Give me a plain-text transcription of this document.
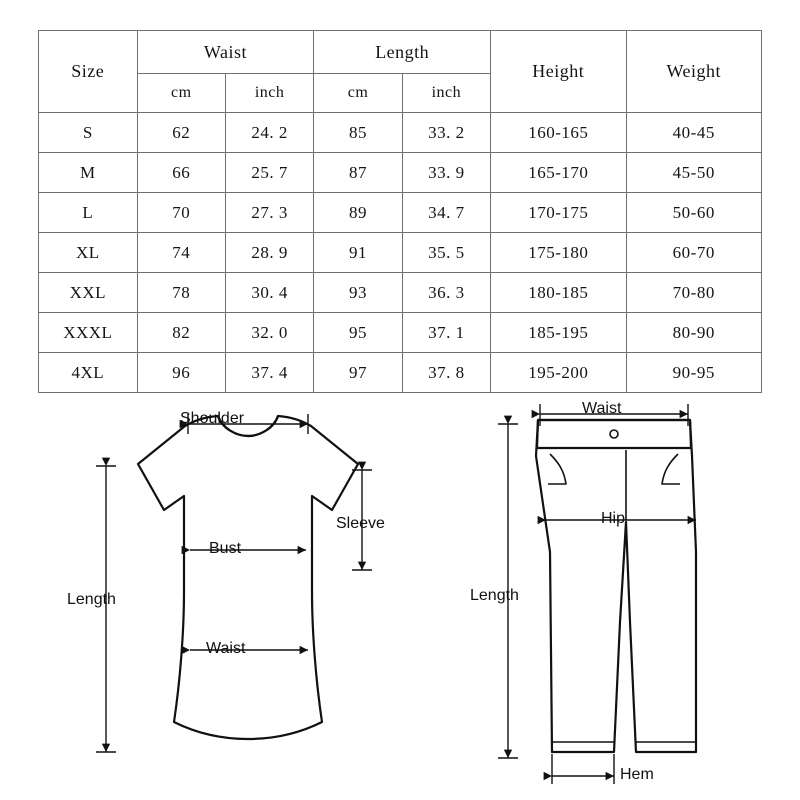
Size	Waist		Length		Height	Weight
	cm	inch	cm	inch		
S	62	24. 2	85	33. 2	160-165	40-45
M	66	25. 7	87	33. 9	165-170	45-50
L	70	27. 3	89	34. 7	170-175	50-60
XL	74	28. 9	91	35. 5	175-180	60-70
XXL	78	30. 4	93	36. 3	180-185	70-80
XXXL	82	32. 0	95	37. 1	185-195	80-90
4XL	96	37. 4	97	37. 8	195-200	90-95
Shoulder
Sleeve
Bust
Waist
Length
Waist
Hip
Length
Hem
